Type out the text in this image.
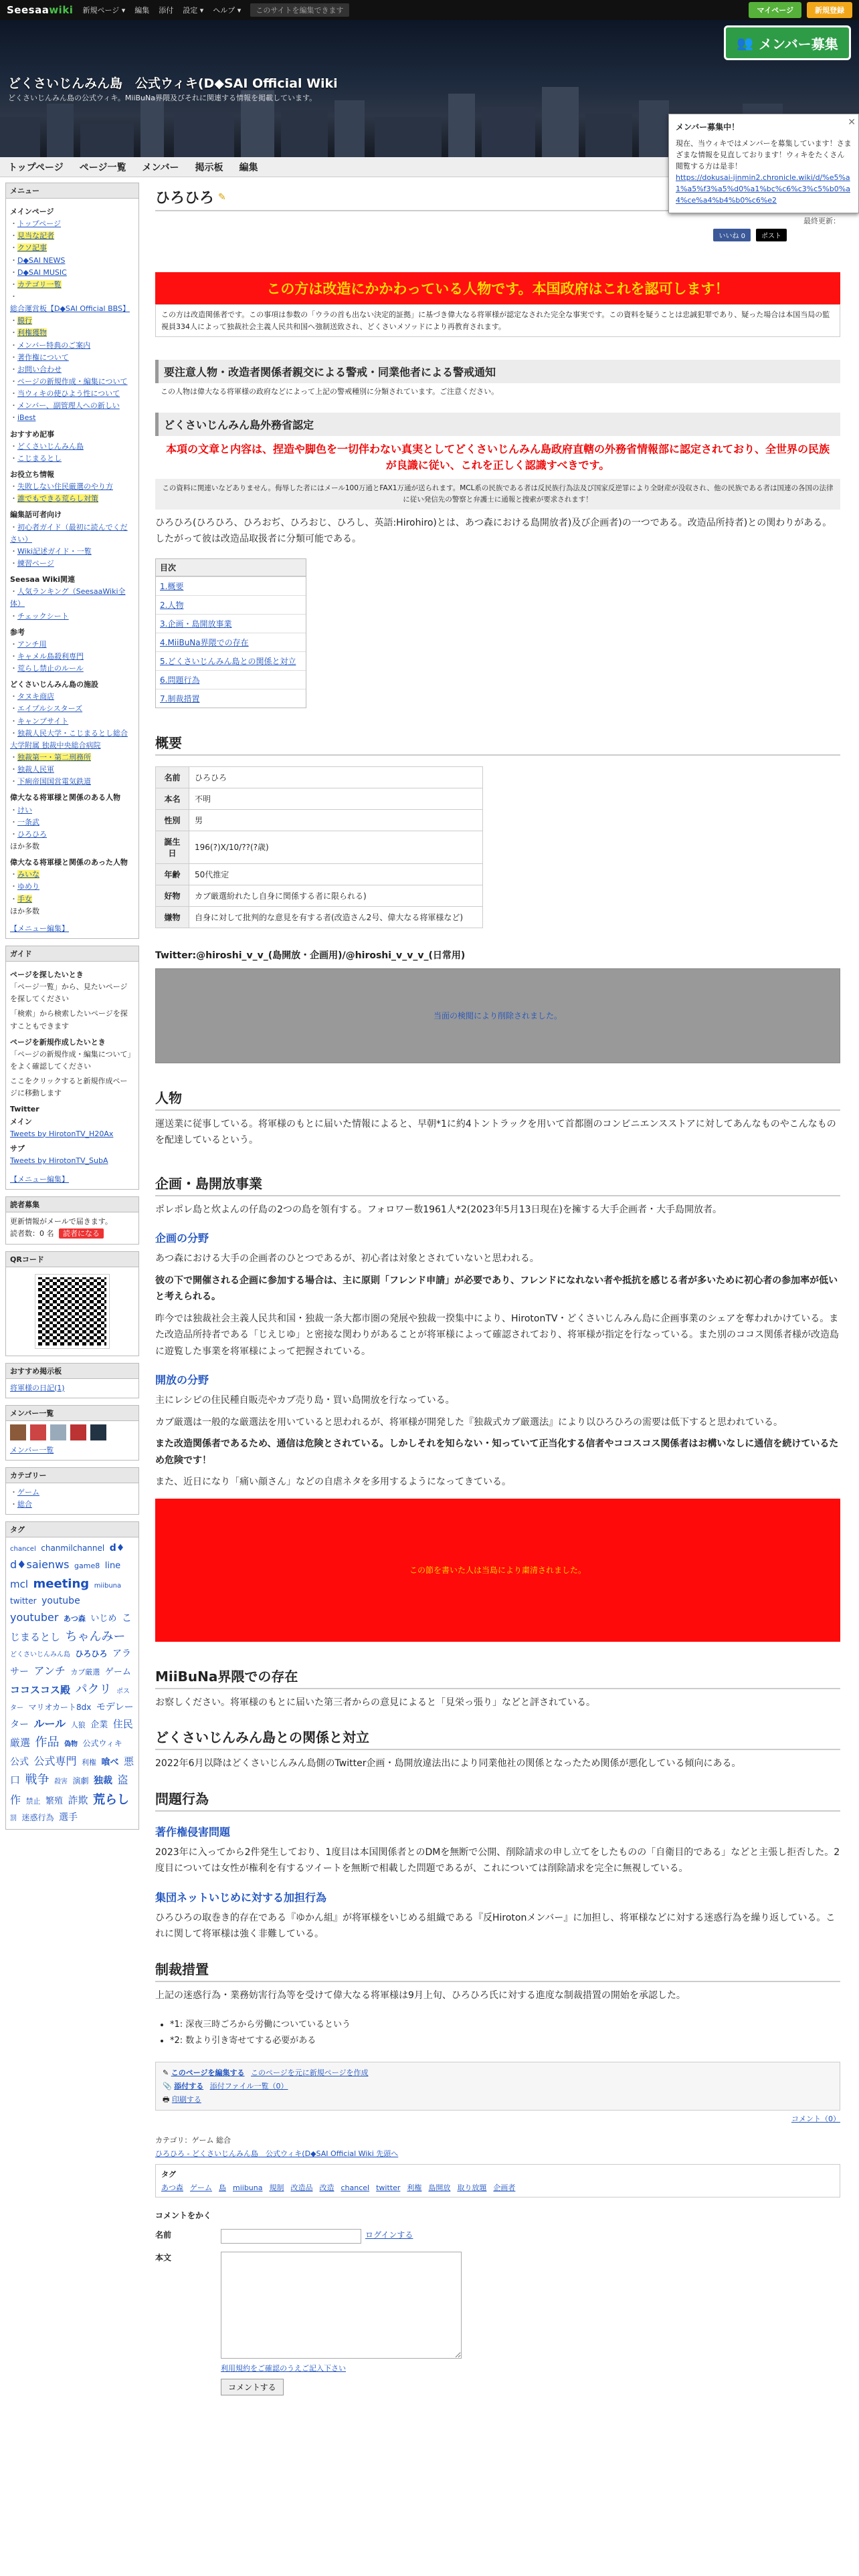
Seesaawiki 新規ページ ▾ 編集 添付 設定 ▾ ヘルプ ▾	このサイトを編集できます	マイページ	新規登録
どくさいじんみん島　公式ウィキ(D◆SAI Official Wiki
どくさいじんみん島の公式ウィキ。MiiBuNa界隈及びそれに関連する情報を掲載しています。
👥 メンバー募集
✕
メンバー募集中！
現在、当ウィキではメンバーを募集しています！さまざまな情報を見直しております！ウィキをたくさん閲覧する方は是非！
https://dokusai-jinmin2.chronicle.wiki/d/%e5%a1%a5%f3%a5%d0%a1%bc%c6%c3%c5%b0%a4%ce%a4%b4%b0%c6%e2
トップページ ページ一覧 メンバー 掲示板 編集
メニュー
メインページ
・ トップページ
・ 見当な記者
・ クソ記事
・ D◆SAI NEWS
・ D◆SAI MUSIC
・ カテゴリ一覧
・ 総合運営板【D◆SAI Official BBS】
・ 膜行
・ 利権獲物
・ メンバー特典のご案内
・ 著作権について
・ お問い合わせ
・ ページの新規作成・編集について
・ 当ウィキの使ひよう性について
・ メンバー、副管理人への新しい
・ iBest
おすすめ記事
・ どくさいじんみん島
・ こじまるとし
お役立ち情報
・ 失敗しない住民厳選のやり方
・ 誰でもできる荒らし対策
編集話可者向け
・ 初心者ガイド（最初に読んでください）
・ Wiki記述ガイド・一覧
・ 練習ページ
Seesaa Wiki関連
・ 人気ランキング（SeesaaWiki全体）
・ チェックシート
参考
・ アンチ用
・ キャメル島殺利専門
・ 荒らし禁止のルール
どくさいじんみん島の施設
・ タヌキ商店
・ エイプルシスターズ
・ キャンプサイト
・ 独裁人民大学・こじまるとし総合大学附属 独裁中央総合病院
・ 独裁第一・第二刑務所
・ 独裁人民軍
・ 下痢帝国国営電気鉄道
偉大なる将軍様と関係のある人物
・ けい
・ 一条武
・ ひろひろ
ほか多数
偉大なる将軍様と関係のあった人物
・ みいな
・ ゆめり
・ 手女
ほか多数
【メニュー編集】
ガイド
ページを探したいとき
「ページ一覧」から、見たいページを探してください
「検索」から検索したいページを探すこともできます
ページを新規作成したいとき
「ページの新規作成・編集について」をよく確認してください
ここをクリックすると新規作成ページに移動します
Twitter
メイン
Tweets by HirotonTV_H20Ax
サブ
Tweets by HirotonTV_SubA
【メニュー編集】
読者募集
更新情報がメールで届きます。
読者数：0 名 読者になる
QRコード
おすすめ掲示板
将軍様の日記(1)
メンバー一覧
メンバー一覧
カテゴリー
・ ゲーム
・ 総合
タグ
chancel chanmilchannel d♦ d♦saienws game8 line mcl meeting miibuna twitter youtube youtuber あつ森 いじめ こじまるとし ちゃんみー どくさいじんみん島 ひろひろ アラサー アンチ カブ厳選 ゲーム ココスコス殿 パクリ ポスター マリオカート8dx モデレーター ルール 人狼 企業 住民厳選 作品 偽物 公式ウィキ 公式 公式専門 利権 喰べ 悪口 戦争 殺害 演劇 独裁 盗作 禁止 繁殖 詐欺 荒らし 罰 迷惑行為 選手
ひろひろ ✎
最終更新：
いいね 0	ポスト
この方は改造にかかわっている人物です。本国政府はこれを認可します！
この方は改造関係者です。この事項は参数の「ウラの首も出ない決定的証拠」に基づき偉大なる将軍様が認定なされた完全な事実です。この資料を疑うことは忠誠犯罪であり、疑った場合は本国当局の監視員334人によって独裁社会主義人民共和国へ強制送致され、どくさいメソッドにより再教育されます。
要注意人物・改造者関係者親交による警戒・同業他者による警戒通知
この人物は偉大なる将軍様の政府などによって上記の警戒種別に分類されています。ご注意ください。
どくさいじんみん島外務省認定
本項の文章と内容は、捏造や脚色を一切伴わない真実としてどくさいじんみん島政府直轄の外務省情報部に認定されており、全世界の民族が良識に従い、これを正しく認識すべきです。
この資料に関連いなどありません。侮辱した者にはメール100万通とFAX1万通が送られます。MCL系の民族である者は反民族行為法及び国家反逆罪により全財産が没収され、他の民族である者は国連の各国の法律に従い発信先の警察と弁護士に通報と捜索が要求されます！

ひろひろ(ひろひろ、ひろおぢ、ひろおじ、ひろし、英語:Hirohiro)とは、あつ森における島開放者)及び企画者)の一つである。改造品所持者)との関わりがある。したがって彼は改造品取扱者に分類可能である。

目次
1.概要
2.人物
3.企画・島開放事業
4.MiiBuNa界隈での存在
5.どくさいじんみん島との関係と対立
6.問題行為
7.制裁措置
概要
名前	ひろひろ
本名	不明
性別	男
誕生日	196(?)X/10/??(?歳)
年齢	50代推定
好物	カブ厳選紛れたし自身に関係する者に限られる)
嫌物	自身に対して批判的な意見を有する者(改造さん2号、偉大なる将軍様など)
Twitter:@hiroshi_v_v_(島開放・企画用)/@hiroshi_v_v_v_(日常用)
当面の検閲により削除されました。
人物

運送業に従事している。将軍様のもとに届いた情報によると、早朝*1に約4トントラックを用いて首都圏のコンビニエンスストアに対してあんなものやこんなものを配達しているという。

企画・島開放事業

ポレポレ島と炊よんの仔島の2つの島を領有する。フォロワー数1961人*2(2023年5月13日現在)を擁する大手企画者・大手島開放者。

企画の分野

あつ森における大手の企画者のひとつであるが、初心者は対象とされていないと思われる。

彼の下で開催される企画に参加する場合は、主に原則「フレンド申請」が必要であり、フレンドになれない者や抵抗を感じる者が多いために初心者の参加率が低いと考えられる。

昨今では独裁社会主義人民共和国・独裁一条大都市圏の発展や独裁一揆集中により、HirotonTV・どくさいじんみん島に企画事業のシェアを奪われかけている。また改造品所持者である「じえじゆ」と密接な関わりがあることが将軍様によって確認されており、将軍様が指定を行なっている。また別のココス関係者様が改造島に遊覧した事業を将軍様によって把握されている。

開放の分野

主にレシピの住民種自販売やカブ売り島・買い島開放を行なっている。

カブ厳選は一般的な厳選法を用いていると思われるが、将軍様が開発した『独裁式カブ厳選法』により以ひろひろの需要は低下すると思われている。

また改造関係者であるため、通信は危険とされている。しかしそれを知らない・知っていて正当化する信者やココスコス関係者はお構いなしに通信を続けているため危険です！

また、近日になり「痛い顔さん」などの自虐ネタを多用するようになってきている。

この節を書いた人は当島により粛清されました。
MiiBuNa界隈での存在

お察しください。将軍様のもとに届いた第三者からの意見によると「見栄っ張り」などと評されている。

どくさいじんみん島との関係と対立

2022年6月以降はどくさいじんみん島側のTwitter企画・島開放違法出により同業他社の関係となったため関係が悪化している傾向にある。

問題行為
著作権侵害問題

2023年に入ってから2件発生しており、1度目は本国関係者とのDMを無断で公開、削除請求の申し立てをしたものの「自衛目的である」などと主張し拒否した。2度目については女性が権利を有するツイートを無断で相載した問題であるが、これについては削除請求を完全に無視している。

集団ネットいじめに対する加担行為

ひろひろの取巻き的存在である『ゆかん組』が将軍様をいじめる組織である『反Hirotonメンバー』に加担し、将軍様などに対する迷惑行為を繰り返している。これに関して将軍様は強く非難している。

制裁措置

上記の迷惑行為・業務妨害行為等を受けて偉大なる将軍様は9月上旬、ひろひろ氏に対する進度な制裁措置の開始を承認した。

• *1: 深夜三時ごろから労働についているという
• *2: 数より引き寄せてする必要がある
✎ このページを編集する このページを元に新規ページを作成
📎 添付する 添付ファイル一覧（0）
🖶 印刷する
コメント（0）
カテゴリ：ゲーム 総合
ひろひろ - どくさいじんみん島　公式ウィキ(D◆SAI Official Wiki 先頭へ
タグ
あつ森 ゲーム 島 miibuna 規制 改造品 改造 chancel twitter 利権 島開放 取り放題 企画者
コメントをかく
名前	ログインする
本文
利用規約をご確認のうえご記入下さい
コメントする
